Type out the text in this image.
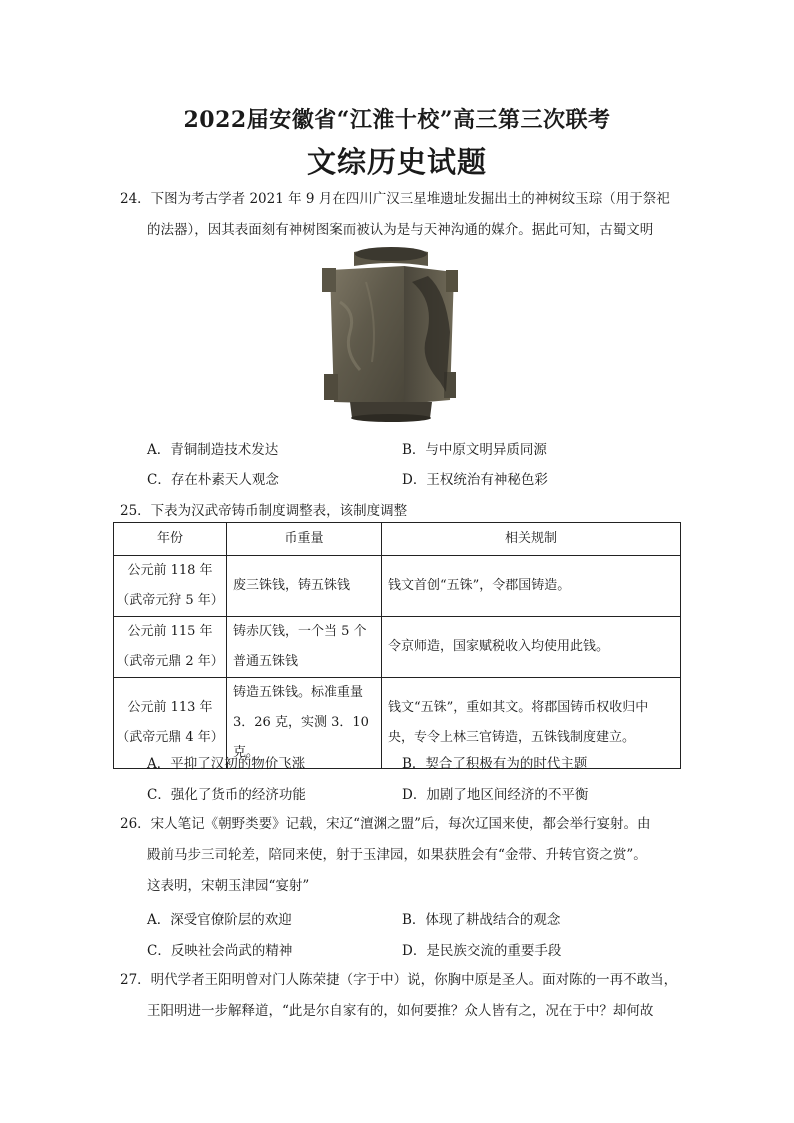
2022届安徽省“江淮十校”高三第三次联考
文综历史试题
24．下图为考古学者 2021 年 9 月在四川广汉三星堆遗址发掘出土的神树纹玉琮（用于祭祀
的法器），因其表面刻有神树图案而被认为是与天神沟通的媒介。据此可知，古蜀文明
A．青铜制造技术发达	B．与中原文明异质同源
C．存在朴素天人观念	D．王权统治有神秘色彩
25．下表为汉武帝铸币制度调整表，该制度调整
年份	币重量	相关规制

公元前 118 年
（武帝元狩 5 年）	废三铢钱，铸五铢钱	钱文首创“五铢”，令郡国铸造。

公元前 115 年
（武帝元鼎 2 年）	铸赤仄钱，一个当 5 个普通五铢钱	令京师造，国家赋税收入均使用此钱。

公元前 113 年
（武帝元鼎 4 年）	铸造五铢钱。标准重量 3．26 克，实测 3．10 克。	钱文“五铢”，重如其文。将郡国铸币权收归中央，专令上林三官铸造，五铢钱制度建立。
A．平抑了汉初的物价飞涨	B．契合了积极有为的时代主题
C．强化了货币的经济功能	D．加剧了地区间经济的不平衡
26．宋人笔记《朝野类要》记载，宋辽“澶渊之盟”后，每次辽国来使，都会举行宴射。由
殿前马步三司轮差，陪同来使，射于玉津园，如果获胜会有“金带、升转官资之赏”。
这表明，宋朝玉津园“宴射”
A．深受官僚阶层的欢迎	B．体现了耕战结合的观念
C．反映社会尚武的精神	D．是民族交流的重要手段
27．明代学者王阳明曾对门人陈荣捷（字于中）说，你胸中原是圣人。面对陈的一再不敢当，
王阳明进一步解释道，“此是尔自家有的，如何要推？众人皆有之，况在于中？却何故
